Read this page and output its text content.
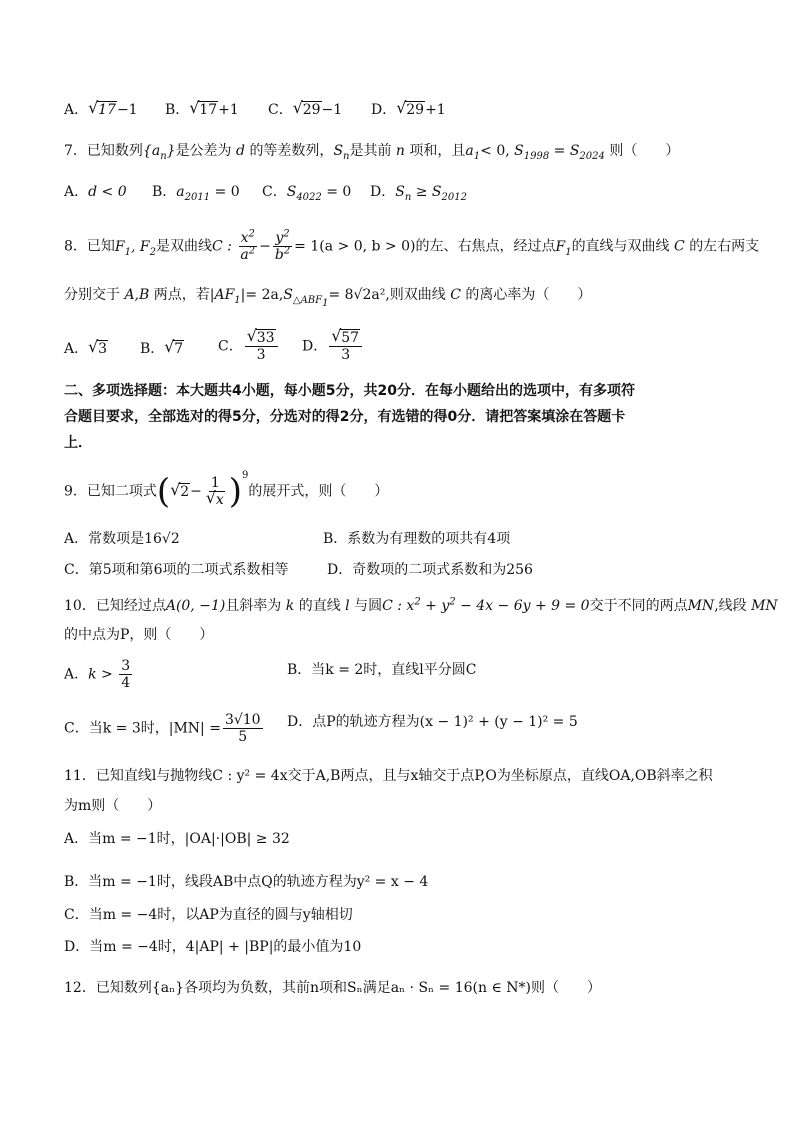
A． √ 17−1 B． √ 17+1 C． √ 29−1 D． √ 29+1
7．已知数列$\{a_n\}$是公差为 d 的等差数列，$S_n$是其前 n 项和，且$a_1< 0$, $S_{1998} = S_{2024}$ 则（　　）
A．d < 0 B．$a_{2011} = 0$ C．$S_{4022} = 0$ D．$S_n \ge S_{2012}$
8．已知$F_1$, $F_2$是双曲线C : $\frac{x^2}{a^2} - \frac{y^2}{b^2} = 1(a > 0$, b > 0)的左、右焦点，经过点$F_1$的直线与双曲线 C 的左右两支
分别交于 A,B 两点，若$|AF_1|= 2a,S_{\triangle ABF_1}= 8√2a^2$,则双曲线 C 的离心率为（　　）
A． √ 3 B． √ 7 C． √ $\frac{33}{3}$ D． √ $\frac{57}{3}$
二、多项选择题：本大题共4小题，每小题5分，共20分．在每小题给出的选项中，有多项符
合题目要求，全部选对的得5分，分选对的得2分，有选错的得0分．请把答案填涂在答题卡
上．
9．已知二项式( √ 2− 1
√ x )$^9$的展开式，则（　　）
A．常数项是16√2	B．系数为有理数的项共有4项
C．第5项和第6项的二项式系数相等	D．奇数项的二项式系数和为256
10．已知经过点A(0, −1)且斜率为 k 的直线 l 与圆C : $x^2 + y^2 - 4x - 6y + 9 = 0$交于不同的两点MN,线段 MN
的中点为P，则（　　）
A．$k > \frac{3}{4}$	B．当k = 2时，直线l平分圆C
C．当k = 3时，$|MN| = \frac{3√10}{5}$ D．点P的轨迹方程为(x − 1)² + (y − 1)² = 5
11．已知直线l与抛物线C : y² = 4x交于A,B两点，且与x轴交于点P,O为坐标原点，直线OA,OB斜率之积
为m则（　　）
A．当m = −1时，|OA|·|OB| ≥ 32
B．当m = −1时，线段AB中点Q的轨迹方程为y² = x − 4
C．当m = −4时，以AP为直径的圆与y轴相切
D．当m = −4时，4|AP| + |BP|的最小值为10
12．已知数列{aₙ}各项均为负数，其前n项和Sₙ满足aₙ · Sₙ = 16(n ∈ N*)则（　　）
